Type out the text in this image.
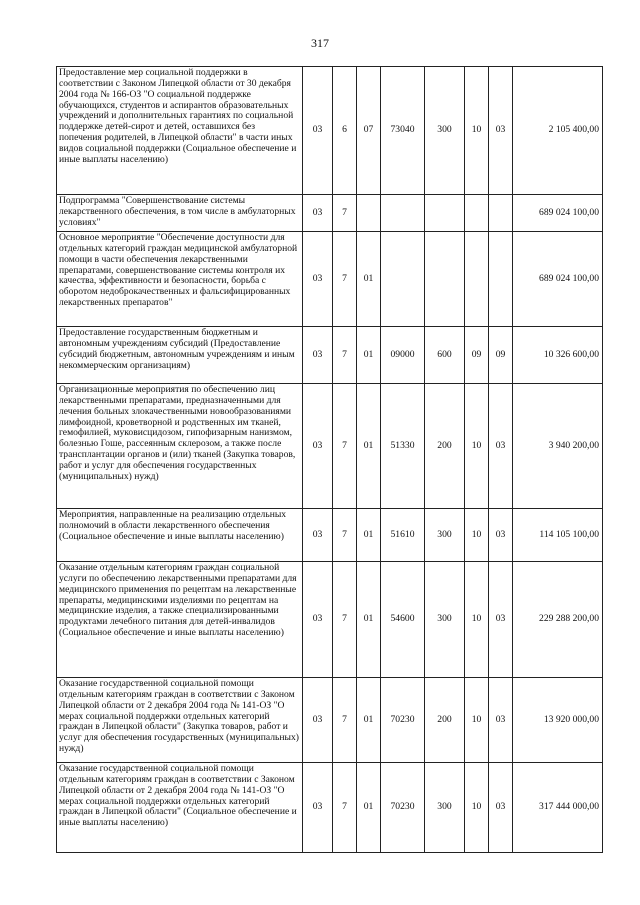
317
Предоставление мер социальной поддержки в соответствии с Законом Липецкой области от 30 декабря 2004 года № 166-ОЗ "О социальной поддержке обучающихся, студентов и аспирантов образовательных учреждений и дополнительных гарантиях по социальной поддержке детей-сирот и детей, оставшихся без попечения родителей, в Липецкой области" в части иных видов социальной поддержки (Социальное обеспечение и иные выплаты населению)	03	6	07	73040	300	10	03	2 105 400,00
Подпрограмма "Совершенствование системы лекарственного обеспечения, в том числе в амбулаторных условиях"	03	7						689 024 100,00
Основное мероприятие "Обеспечение доступности для отдельных категорий граждан медицинской амбулаторной помощи в части обеспечения лекарственными препаратами, совершенствование системы контроля их качества, эффективности и безопасности, борьба с оборотом недоброкачественных и фальсифицированных лекарственных препаратов"	03	7	01					689 024 100,00
Предоставление государственным бюджетным и автономным учреждениям субсидий (Предоставление субсидий бюджетным, автономным учреждениям и иным некоммерческим организациям)	03	7	01	09000	600	09	09	10 326 600,00
Организационные мероприятия по обеспечению лиц лекарственными препаратами, предназначенными для лечения больных злокачественными новообразованиями лимфоидной, кроветворной и родственных им тканей, гемофилией, муковисцидозом, гипофизарным нанизмом, болезнью Гоше, рассеянным склерозом, а также после трансплантации органов и (или) тканей (Закупка товаров, работ и услуг для обеспечения государственных (муниципальных) нужд)	03	7	01	51330	200	10	03	3 940 200,00
Мероприятия, направленные на реализацию отдельных полномочий в области лекарственного обеспечения (Социальное обеспечение и иные выплаты населению)	03	7	01	51610	300	10	03	114 105 100,00
Оказание отдельным категориям граждан социальной услуги по обеспечению лекарственными препаратами для медицинского применения по рецептам на лекарственные препараты, медицинскими изделиями по рецептам на медицинские изделия, а также специализированными продуктами лечебного питания для детей-инвалидов (Социальное обеспечение и иные выплаты населению)	03	7	01	54600	300	10	03	229 288 200,00
Оказание государственной социальной помощи отдельным категориям граждан в соответствии с Законом Липецкой области от 2 декабря 2004 года № 141-ОЗ "О мерах социальной поддержки отдельных категорий граждан в Липецкой области" (Закупка товаров, работ и услуг для обеспечения государственных (муниципальных) нужд)	03	7	01	70230	200	10	03	13 920 000,00
Оказание государственной социальной помощи отдельным категориям граждан в соответствии с Законом Липецкой области от 2 декабря 2004 года № 141-ОЗ "О мерах социальной поддержки отдельных категорий граждан в Липецкой области" (Социальное обеспечение и иные выплаты населению)	03	7	01	70230	300	10	03	317 444 000,00
